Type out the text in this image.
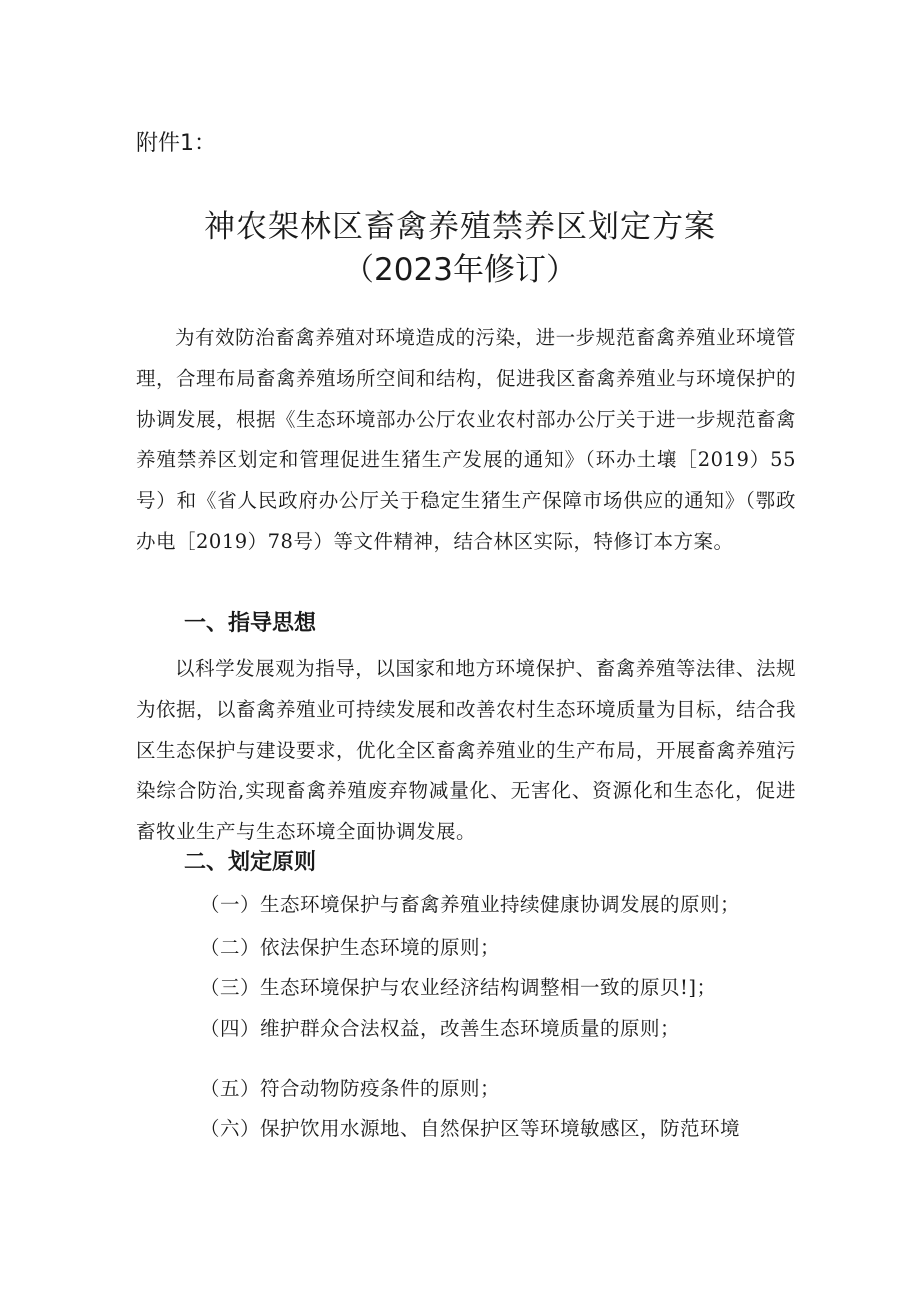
附件1：
神农架林区畜禽养殖禁养区划定方案
（2023年修订）
为有效防治畜禽养殖对环境造成的污染，进一步规范畜禽养殖业环境管理，合理布局畜禽养殖场所空间和结构，促进我区畜禽养殖业与环境保护的协调发展，根据《生态环境部办公厅农业农村部办公厅关于进一步规范畜禽养殖禁养区划定和管理促进生猪生产发展的通知》（环办土壤［2019）55号）和《省人民政府办公厅关于稳定生猪生产保障市场供应的通知》（鄂政办电［2019）78号）等文件精神，结合林区实际，特修订本方案。
一、指导思想
以科学发展观为指导，以国家和地方环境保护、畜禽养殖等法律、法规为依据，以畜禽养殖业可持续发展和改善农村生态环境质量为目标，结合我区生态保护与建设要求，优化全区畜禽养殖业的生产布局，开展畜禽养殖污染综合防治,实现畜禽养殖废弃物减量化、无害化、资源化和生态化，促进畜牧业生产与生态环境全面协调发展。
二、划定原则
（一）生态环境保护与畜禽养殖业持续健康协调发展的原则；
（二）依法保护生态环境的原则；
（三）生态环境保护与农业经济结构调整相一致的原贝!]；
（四）维护群众合法权益，改善生态环境质量的原则；
（五）符合动物防疫条件的原则；
（六）保护饮用水源地、自然保护区等环境敏感区，防范环境
